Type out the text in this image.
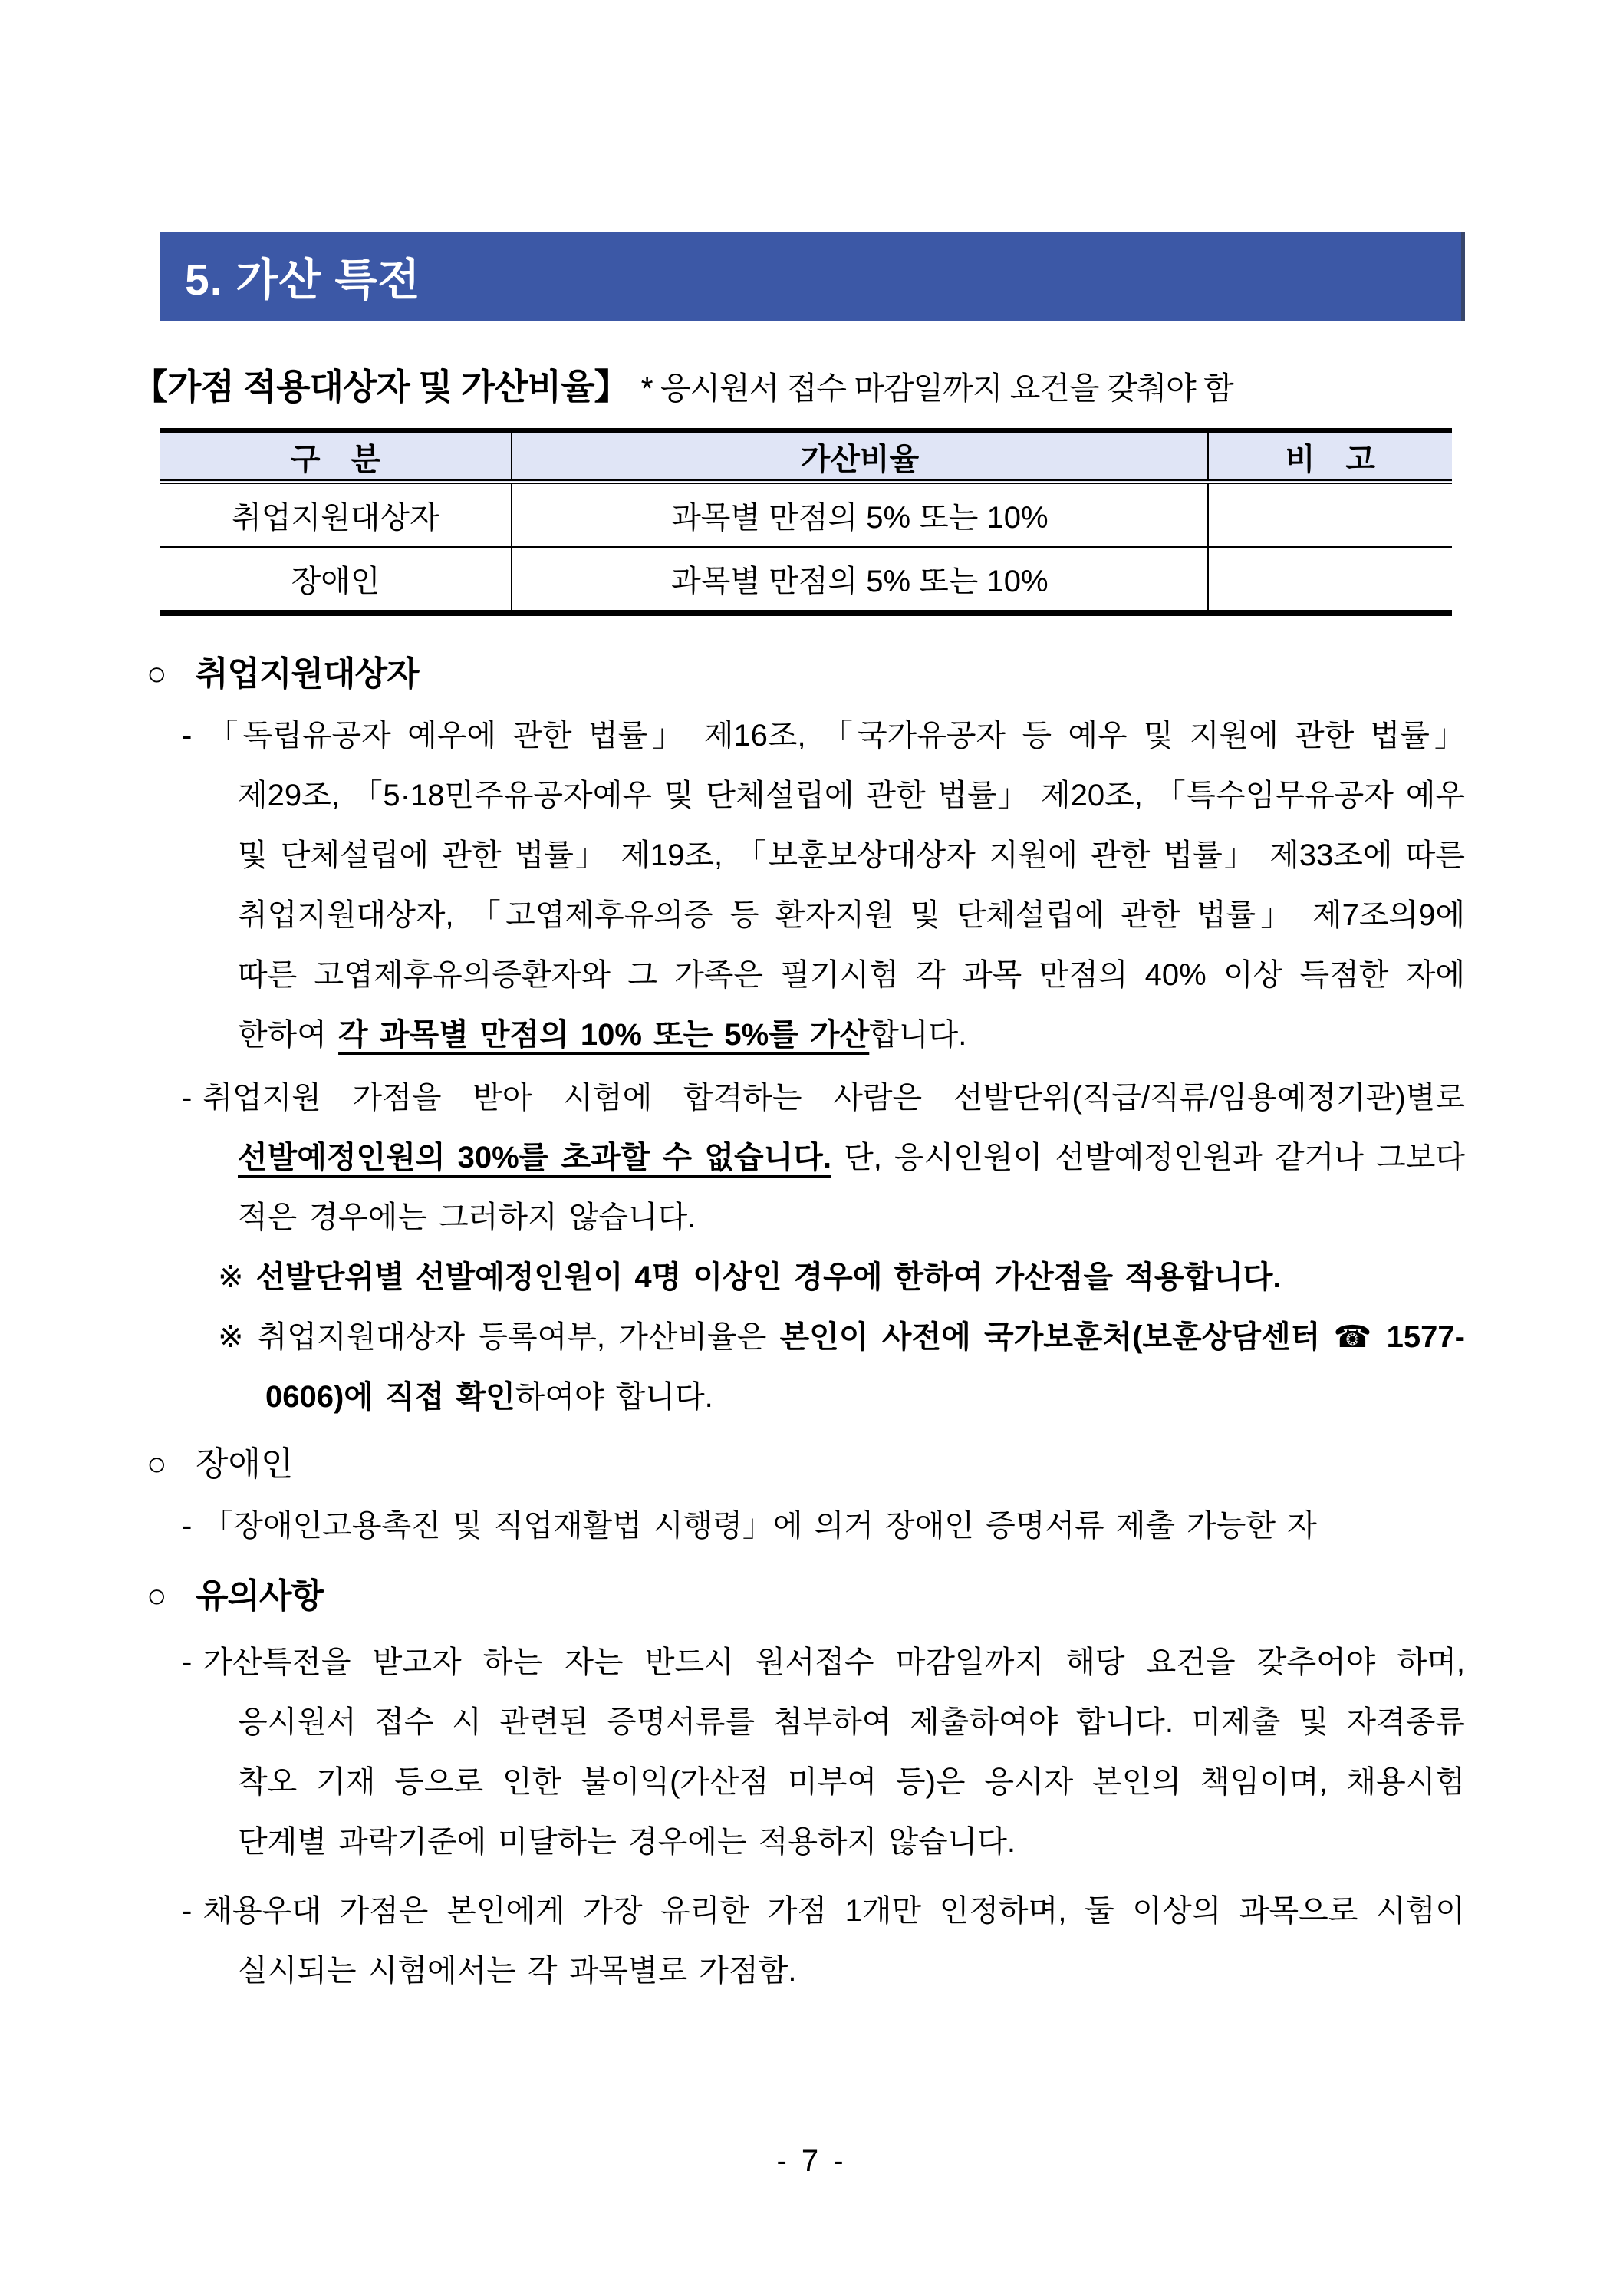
5. 가산 특전
【가점 적용대상자 및 가산비율】 * 응시원서 접수 마감일까지 요건을 갖춰야 함
구　분	가산비율	비　고
취업지원대상자	과목별 만점의 5% 또는 10%	
장애인	과목별 만점의 5% 또는 10%	
○ 취업지원대상자
- 「독립유공자 예우에 관한 법률」 제16조, 「국가유공자 등 예우 및 지원에 관한 법률」 제29조, 「5·18민주유공자예우 및 단체설립에 관한 법률」 제20조, 「특수임무유공자 예우 및 단체설립에 관한 법률」 제19조, 「보훈보상대상자 지원에 관한 법률」 제33조에 따른 취업지원대상자, 「고엽제후유의증 등 환자지원 및 단체설립에 관한 법률」 제7조의9에 따른 고엽제후유의증환자와 그 가족은 필기시험 각 과목 만점의 40% 이상 득점한 자에 한하여 각 과목별 만점의 10% 또는 5%를 가산합니다.
- 취업지원 가점을 받아 시험에 합격하는 사람은 선발단위(직급/직류/임용예정기관)별로 선발예정인원의 30%를 초과할 수 없습니다. 단, 응시인원이 선발예정인원과 같거나 그보다 적은 경우에는 그러하지 않습니다.
※ 선발단위별 선발예정인원이 4명 이상인 경우에 한하여 가산점을 적용합니다.
※ 취업지원대상자 등록여부, 가산비율은 본인이 사전에 국가보훈처(보훈상담센터 ☎ 1577-0606)에 직접 확인하여야 합니다.
○ 장애인
- 「장애인고용촉진 및 직업재활법 시행령」에 의거 장애인 증명서류 제출 가능한 자
○ 유의사항
- 가산특전을 받고자 하는 자는 반드시 원서접수 마감일까지 해당 요건을 갖추어야 하며, 응시원서 접수 시 관련된 증명서류를 첨부하여 제출하여야 합니다. 미제출 및 자격종류 착오 기재 등으로 인한 불이익(가산점 미부여 등)은 응시자 본인의 책임이며, 채용시험 단계별 과락기준에 미달하는 경우에는 적용하지 않습니다.
- 채용우대 가점은 본인에게 가장 유리한 가점 1개만 인정하며, 둘 이상의 과목으로 시험이 실시되는 시험에서는 각 과목별로 가점함.
- 7 -
